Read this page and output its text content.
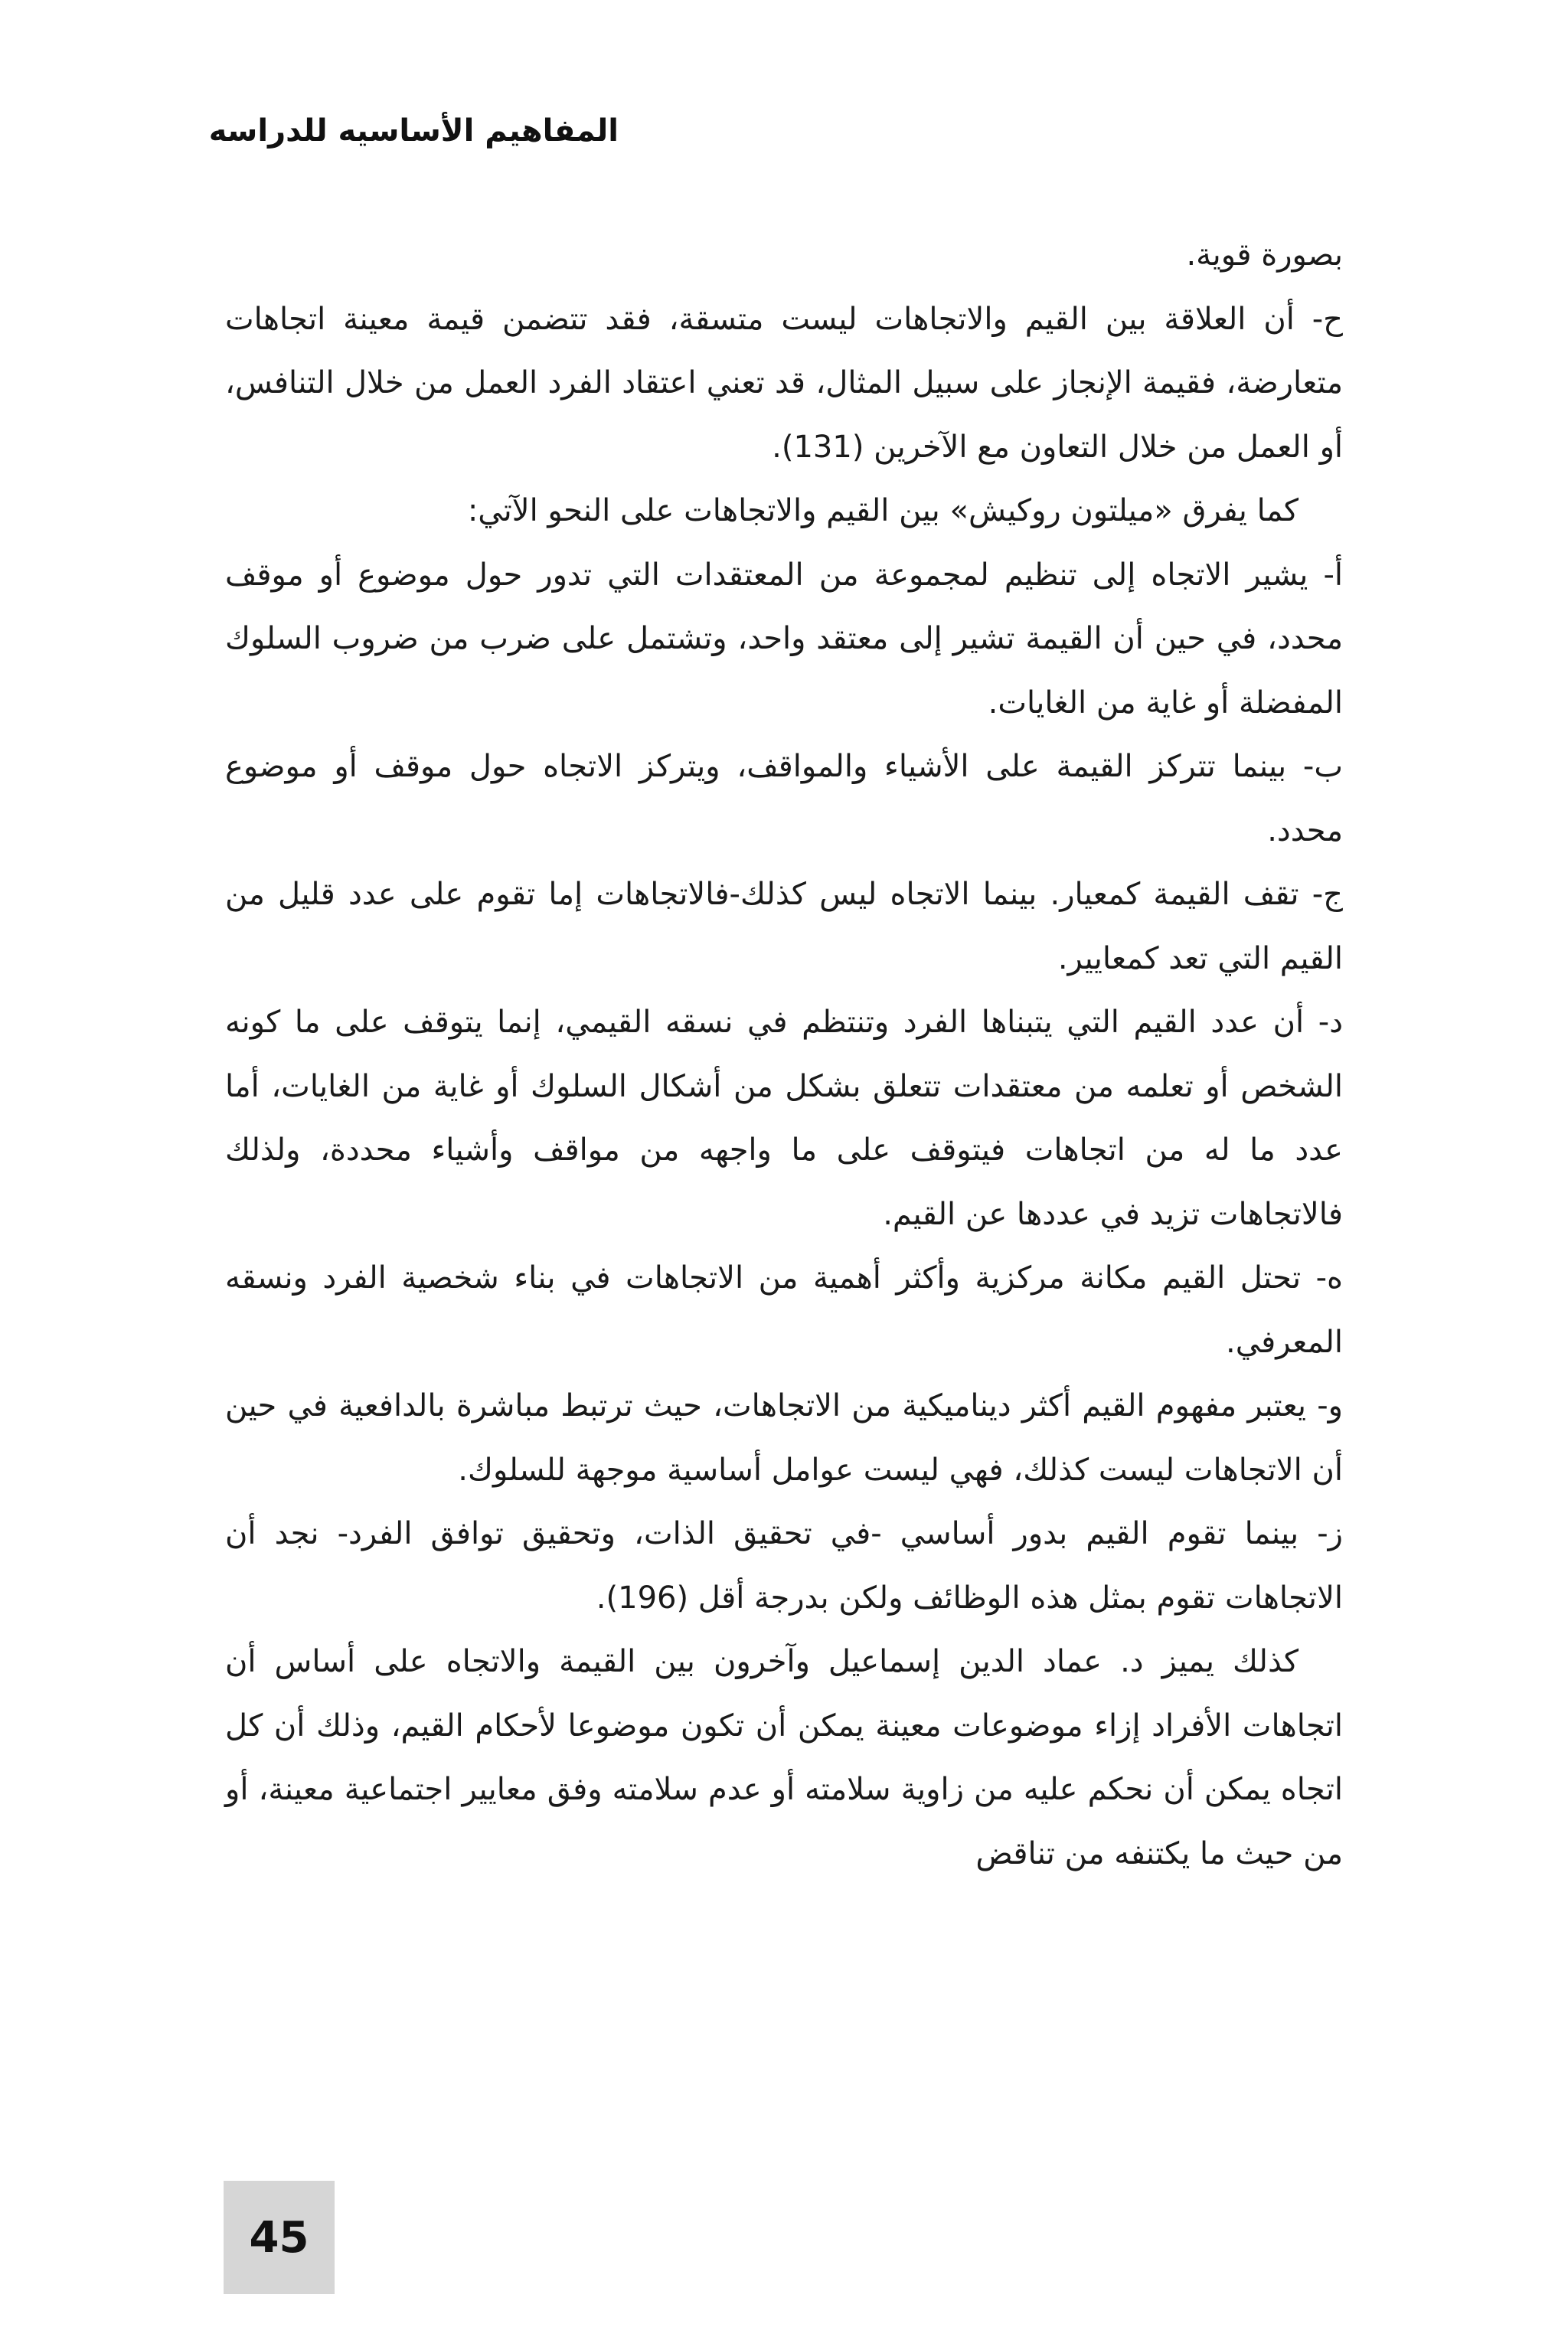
المفاهيم الأساسيه للدراسه

بصورة قوية.

ح- أن العلاقة بين القيم والاتجاهات ليست متسقة، فقد تتضمن قيمة معينة اتجاهات متعارضة، فقيمة الإنجاز على سبيل المثال، قد تعني اعتقاد الفرد العمل من خلال التنافس، أو العمل من خلال التعاون مع الآخرين (131).

كما يفرق «ميلتون روكيش» بين القيم والاتجاهات على النحو الآتي:

أ- يشير الاتجاه إلى تنظيم لمجموعة من المعتقدات التي تدور حول موضوع أو موقف محدد، في حين أن القيمة تشير إلى معتقد واحد، وتشتمل على ضرب من ضروب السلوك المفضلة أو غاية من الغايات.

ب- بينما تتركز القيمة على الأشياء والمواقف، ويتركز الاتجاه حول موقف أو موضوع محدد.

ج- تقف القيمة كمعيار. بينما الاتجاه ليس كذلك-فالاتجاهات إما تقوم على عدد قليل من القيم التي تعد كمعايير.

د- أن عدد القيم التي يتبناها الفرد وتنتظم في نسقه القيمي، إنما يتوقف على ما كونه الشخص أو تعلمه من معتقدات تتعلق بشكل من أشكال السلوك أو غاية من الغايات، أما عدد ما له من اتجاهات فيتوقف على ما واجهه من مواقف وأشياء محددة، ولذلك فالاتجاهات تزيد في عددها عن القيم.

ه- تحتل القيم مكانة مركزية وأكثر أهمية من الاتجاهات في بناء شخصية الفرد ونسقه المعرفي.

و- يعتبر مفهوم القيم أكثر ديناميكية من الاتجاهات، حيث ترتبط مباشرة بالدافعية في حين أن الاتجاهات ليست كذلك، فهي ليست عوامل أساسية موجهة للسلوك.

ز- بينما تقوم القيم بدور أساسي -في تحقيق الذات، وتحقيق توافق الفرد- نجد أن الاتجاهات تقوم بمثل هذه الوظائف ولكن بدرجة أقل (196).

كذلك يميز د. عماد الدين إسماعيل وآخرون بين القيمة والاتجاه على أساس أن اتجاهات الأفراد إزاء موضوعات معينة يمكن أن تكون موضوعا لأحكام القيم، وذلك أن كل اتجاه يمكن أن نحكم عليه من زاوية سلامته أو عدم سلامته وفق معايير اجتماعية معينة، أو من حيث ما يكتنفه من تناقض

45
